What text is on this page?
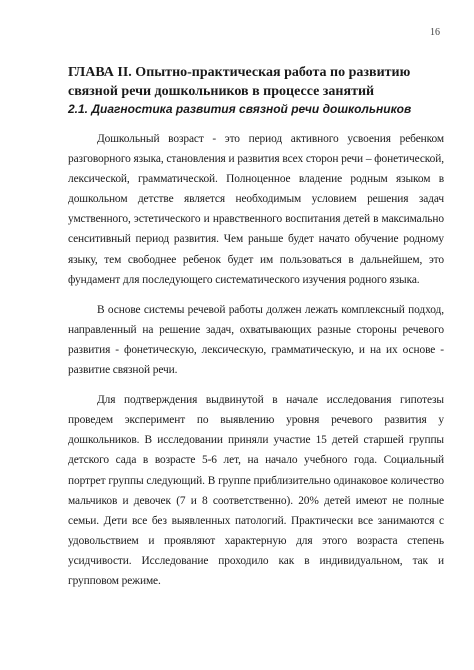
16
ГЛАВА II. Опытно-практическая работа по развитию связной речи дошкольников в процессе занятий
2.1. Диагностика развития связной речи дошкольников

Дошкольный возраст - это период активного усвоения ребенком разговорного языка, становления и развития всех сторон речи – фонетической, лексической, грамматической. Полноценное владение родным языком в дошкольном детстве является необходимым условием решения задач умственного, эстетического и нравственного воспитания детей в максимально сенситивный период развития. Чем раньше будет начато обучение родному языку, тем свободнее ребенок будет им пользоваться в дальнейшем, это фундамент для последующего систематического изучения родного языка.

В основе системы речевой работы должен лежать комплексный подход, направленный на решение задач, охватывающих разные стороны речевого развития - фонетическую, лексическую, грамматическую, и на их основе - развитие связной речи.

Для подтверждения выдвинутой в начале исследования гипотезы проведем эксперимент по выявлению уровня речевого развития у дошкольников. В исследовании приняли участие 15 детей старшей группы детского сада в возрасте 5-6 лет, на начало учебного года. Социальный портрет группы следующий. В группе приблизительно одинаковое количество мальчиков и девочек (7 и 8 соответственно). 20% детей имеют не полные семьи. Дети все без выявленных патологий. Практически все занимаются с удовольствием и проявляют характерную для этого возраста степень усидчивости. Исследование проходило как в индивидуальном, так и групповом режиме.
